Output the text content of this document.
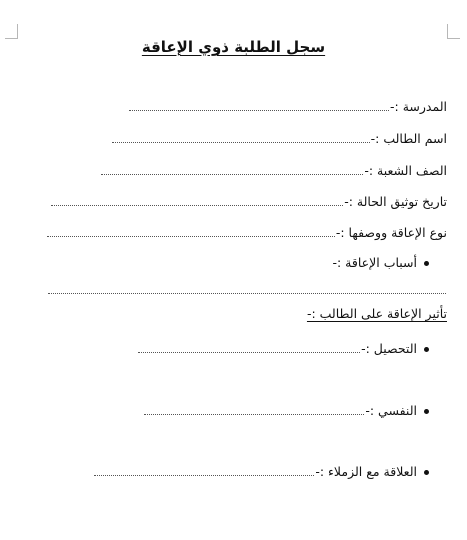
سجل الطلبة ذوي الإعاقة
المدرسة :-
اسم الطالب :-
الصف الشعبة :-
تاريخ توثيق الحالة :-
نوع الإعاقة ووصفها :-
أسباب الإعاقة :-
تأثير الإعاقة على الطالب :-
التحصيل :-
النفسي :-
العلاقة مع الزملاء :-
